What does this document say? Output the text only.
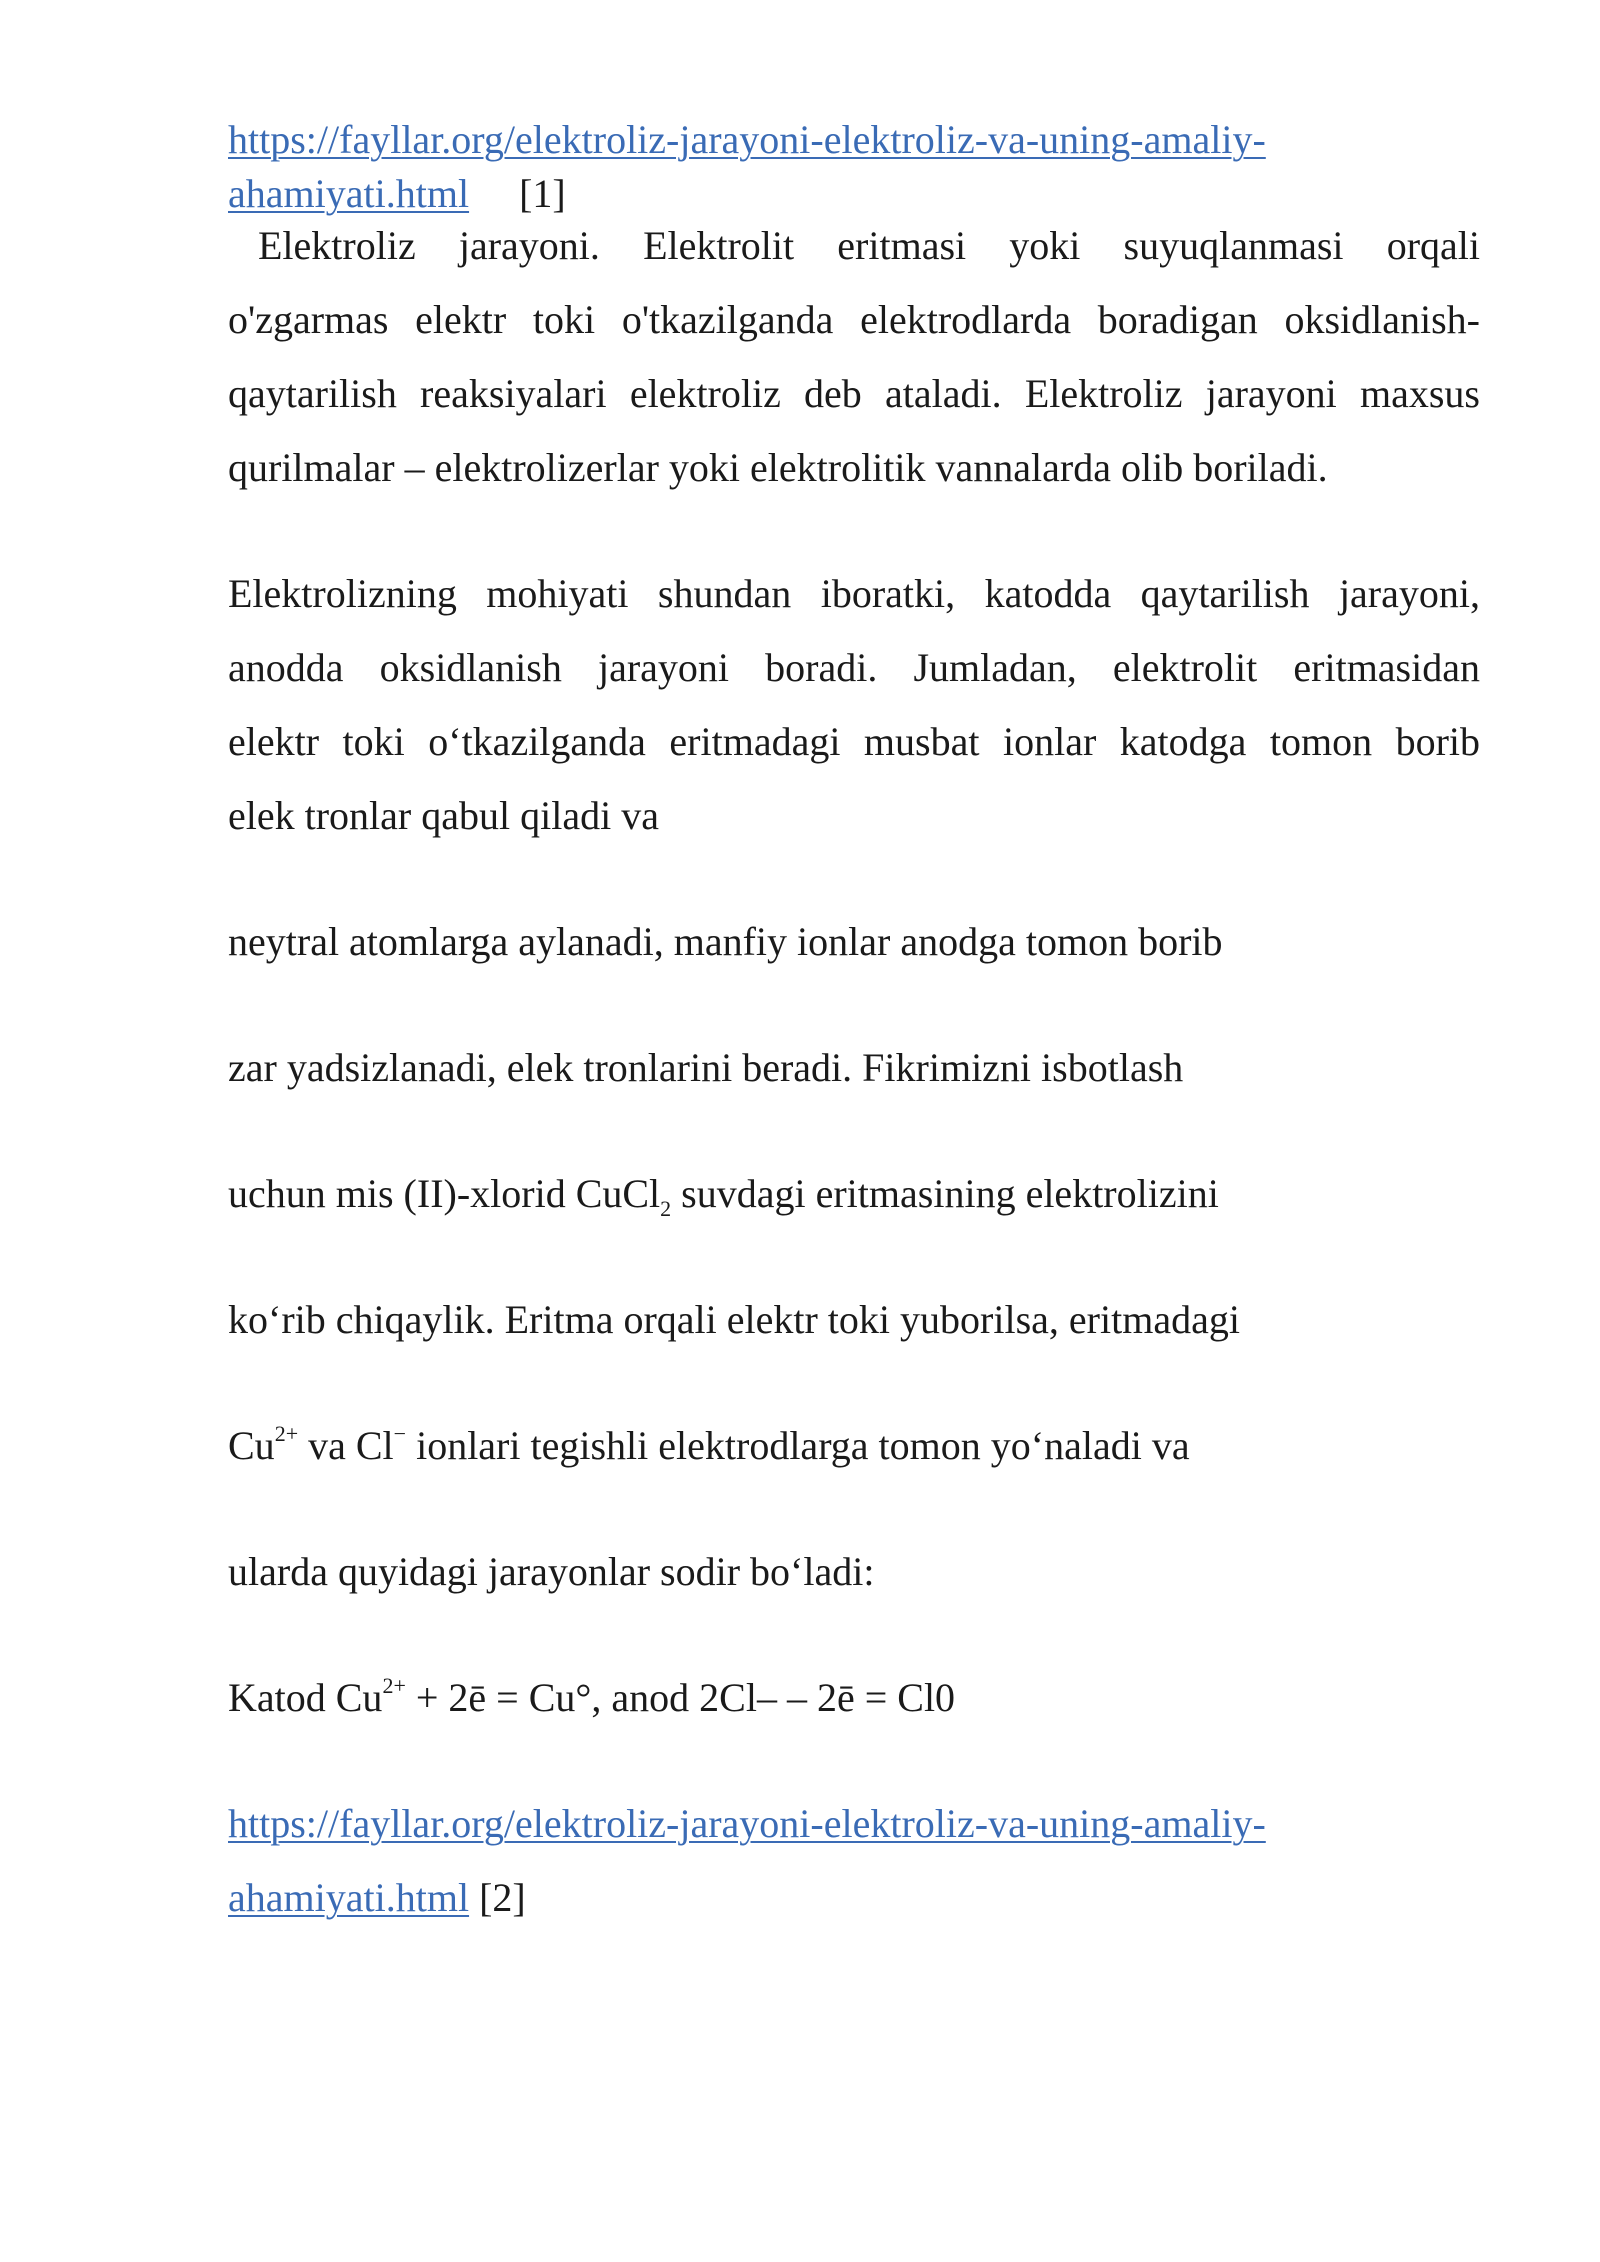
https://fayllar.org/elektroliz-jarayoni-elektroliz-va-uning-amaliy-
ahamiyati.html [1]
Elektroliz jarayoni. Elektrolit eritmasi yoki suyuqlanmasi orqali
o'zgarmas elektr toki o'tkazilganda elektrodlarda boradigan oksidlanish-
qaytarilish reaksiyalari elektroliz deb ataladi. Elektroliz jarayoni maxsus
qurilmalar – elektrolizerlar yoki elektrolitik vannalarda olib boriladi.
Elektrolizning mohiyati shundan iboratki, katodda qaytarilish jarayoni,
anodda oksidlanish jarayoni boradi. Jumladan, elektrolit eritmasidan
elektr toki o‘tkazilganda eritmadagi musbat ionlar katodga tomon borib
elek tronlar qabul qiladi va
neytral atomlarga aylanadi, manfiy ionlar anodga tomon borib
zar yadsizlanadi, elek tronlarini beradi. Fikrimizni isbotlash
uchun mis (II)-xlorid CuCl$_2$ suvdagi eritmasining elektrolizini
ko‘rib chiqaylik. Eritma orqali elektr toki yuborilsa, eritmadagi
$Cu^{2+}$ va Cl− ionlari tegishli elektrodlarga tomon yo‘naladi va
ularda quyidagi jarayonlar sodir bo‘ladi:
Katod $Cu^{2+}$ + 2ē = Cu°, anod 2Cl– – 2ē = Cl0
https://fayllar.org/elektroliz-jarayoni-elektroliz-va-uning-amaliy-
ahamiyati.html [2]
